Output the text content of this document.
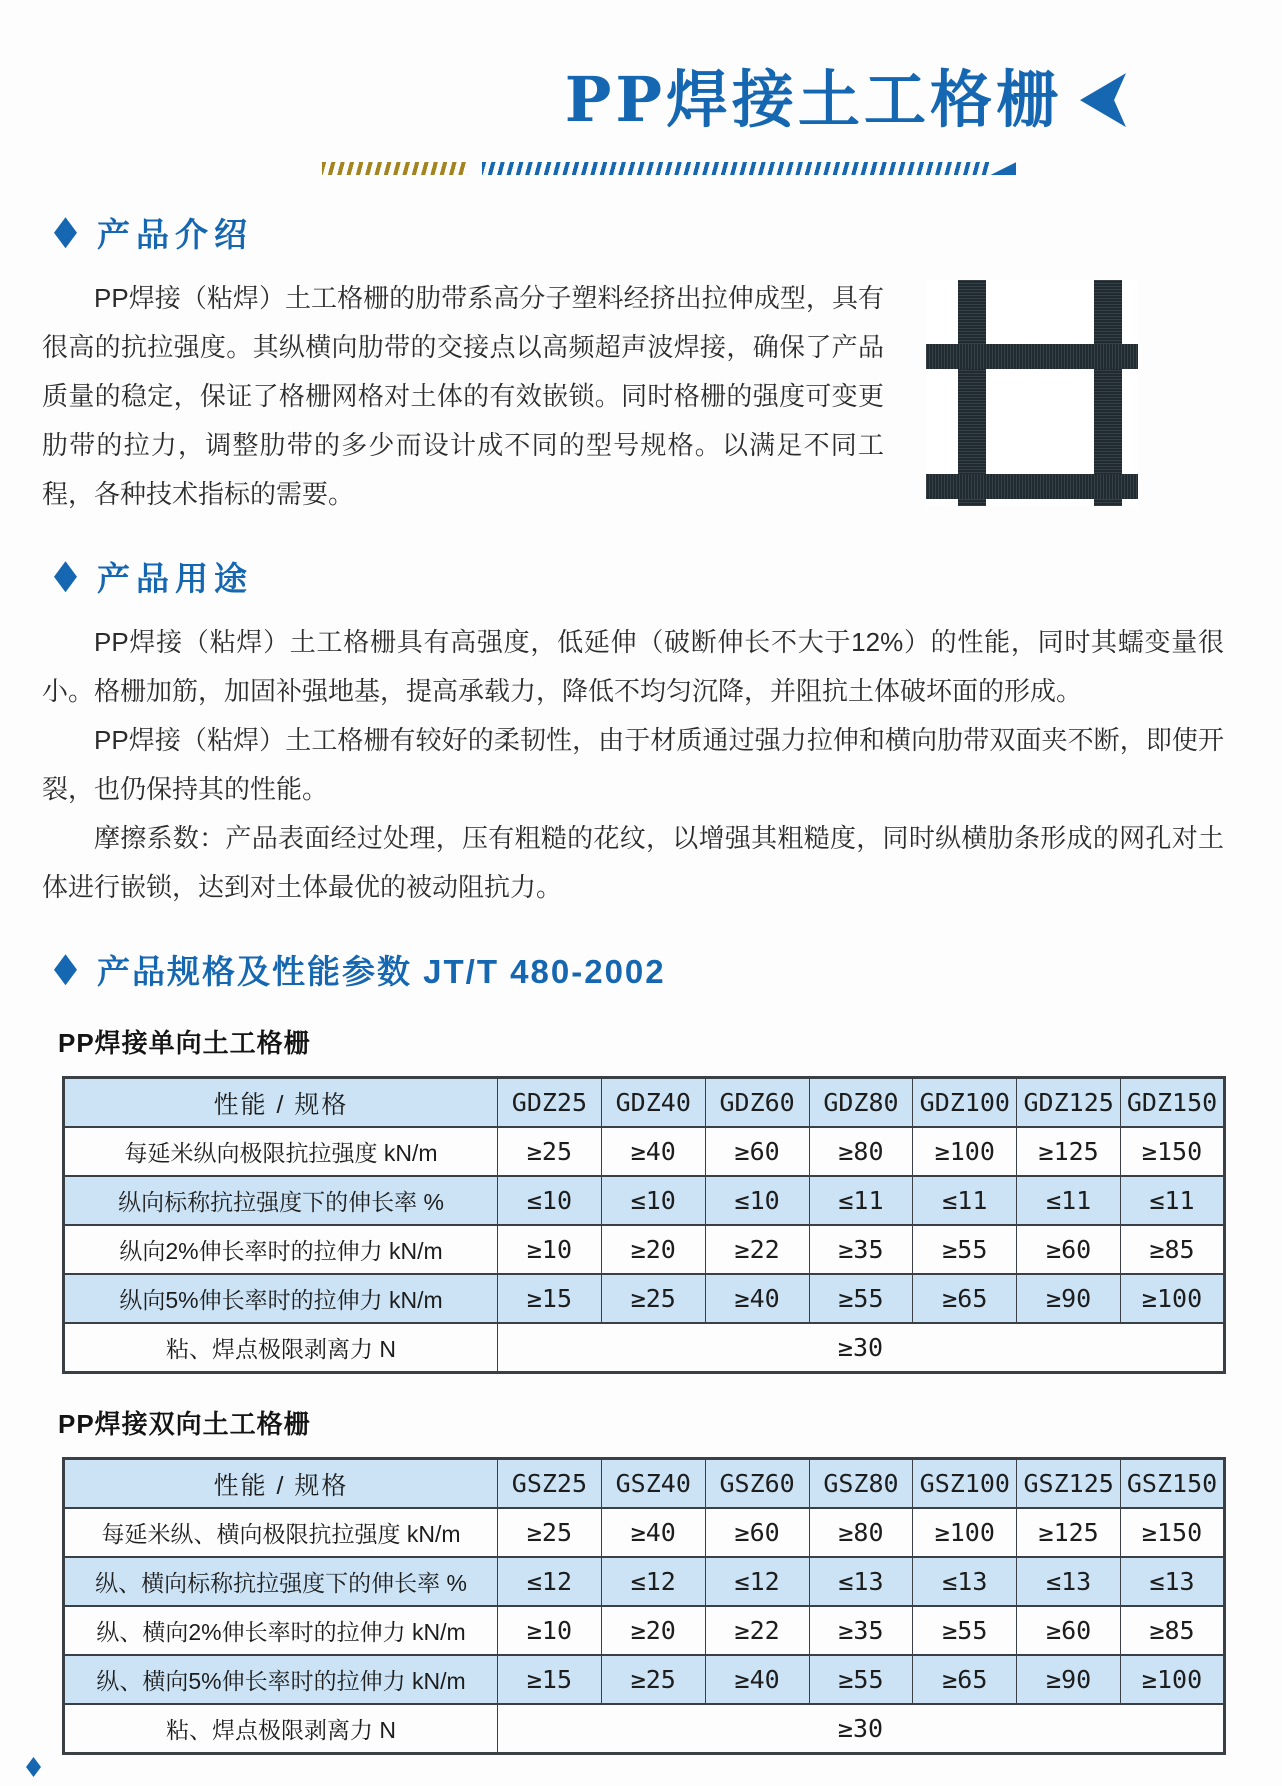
PP焊接土工格栅
产品介绍

PP焊接（粘焊）土工格栅的肋带系高分子塑料经挤出拉伸成型，具有很高的抗拉强度。其纵横向肋带的交接点以高频超声波焊接，确保了产品质量的稳定，保证了格栅网格对土体的有效嵌锁。同时格栅的强度可变更肋带的拉力，调整肋带的多少而设计成不同的型号规格。以满足不同工程，各种技术指标的需要。

产品用途

PP焊接（粘焊）土工格栅具有高强度，低延伸（破断伸长不大于12%）的性能，同时其蠕变量很小。格栅加筋，加固补强地基，提高承载力，降低不均匀沉降，并阻抗土体破坏面的形成。

PP焊接（粘焊）土工格栅有较好的柔韧性，由于材质通过强力拉伸和横向肋带双面夹不断，即使开裂，也仍保持其的性能。

摩擦系数：产品表面经过处理，压有粗糙的花纹，以增强其粗糙度，同时纵横肋条形成的网孔对土体进行嵌锁，达到对土体最优的被动阻抗力。

产品规格及性能参数 JT/T 480-2002
PP焊接单向土工格栅
性能 / 规格	GDZ25	GDZ40	GDZ60	GDZ80	GDZ100	GDZ125	GDZ150
每延米纵向极限抗拉强度 kN/m	≥25	≥40	≥60	≥80	≥100	≥125	≥150
纵向标称抗拉强度下的伸长率 %	≤10	≤10	≤10	≤11	≤11	≤11	≤11
纵向2%伸长率时的拉伸力 kN/m	≥10	≥20	≥22	≥35	≥55	≥60	≥85
纵向5%伸长率时的拉伸力 kN/m	≥15	≥25	≥40	≥55	≥65	≥90	≥100
粘、焊点极限剥离力 N	≥30						
PP焊接双向土工格栅
性能 / 规格	GSZ25	GSZ40	GSZ60	GSZ80	GSZ100	GSZ125	GSZ150
每延米纵、横向极限抗拉强度 kN/m	≥25	≥40	≥60	≥80	≥100	≥125	≥150
纵、横向标称抗拉强度下的伸长率 %	≤12	≤12	≤12	≤13	≤13	≤13	≤13
纵、横向2%伸长率时的拉伸力 kN/m	≥10	≥20	≥22	≥35	≥55	≥60	≥85
纵、横向5%伸长率时的拉伸力 kN/m	≥15	≥25	≥40	≥55	≥65	≥90	≥100
粘、焊点极限剥离力 N	≥30						
